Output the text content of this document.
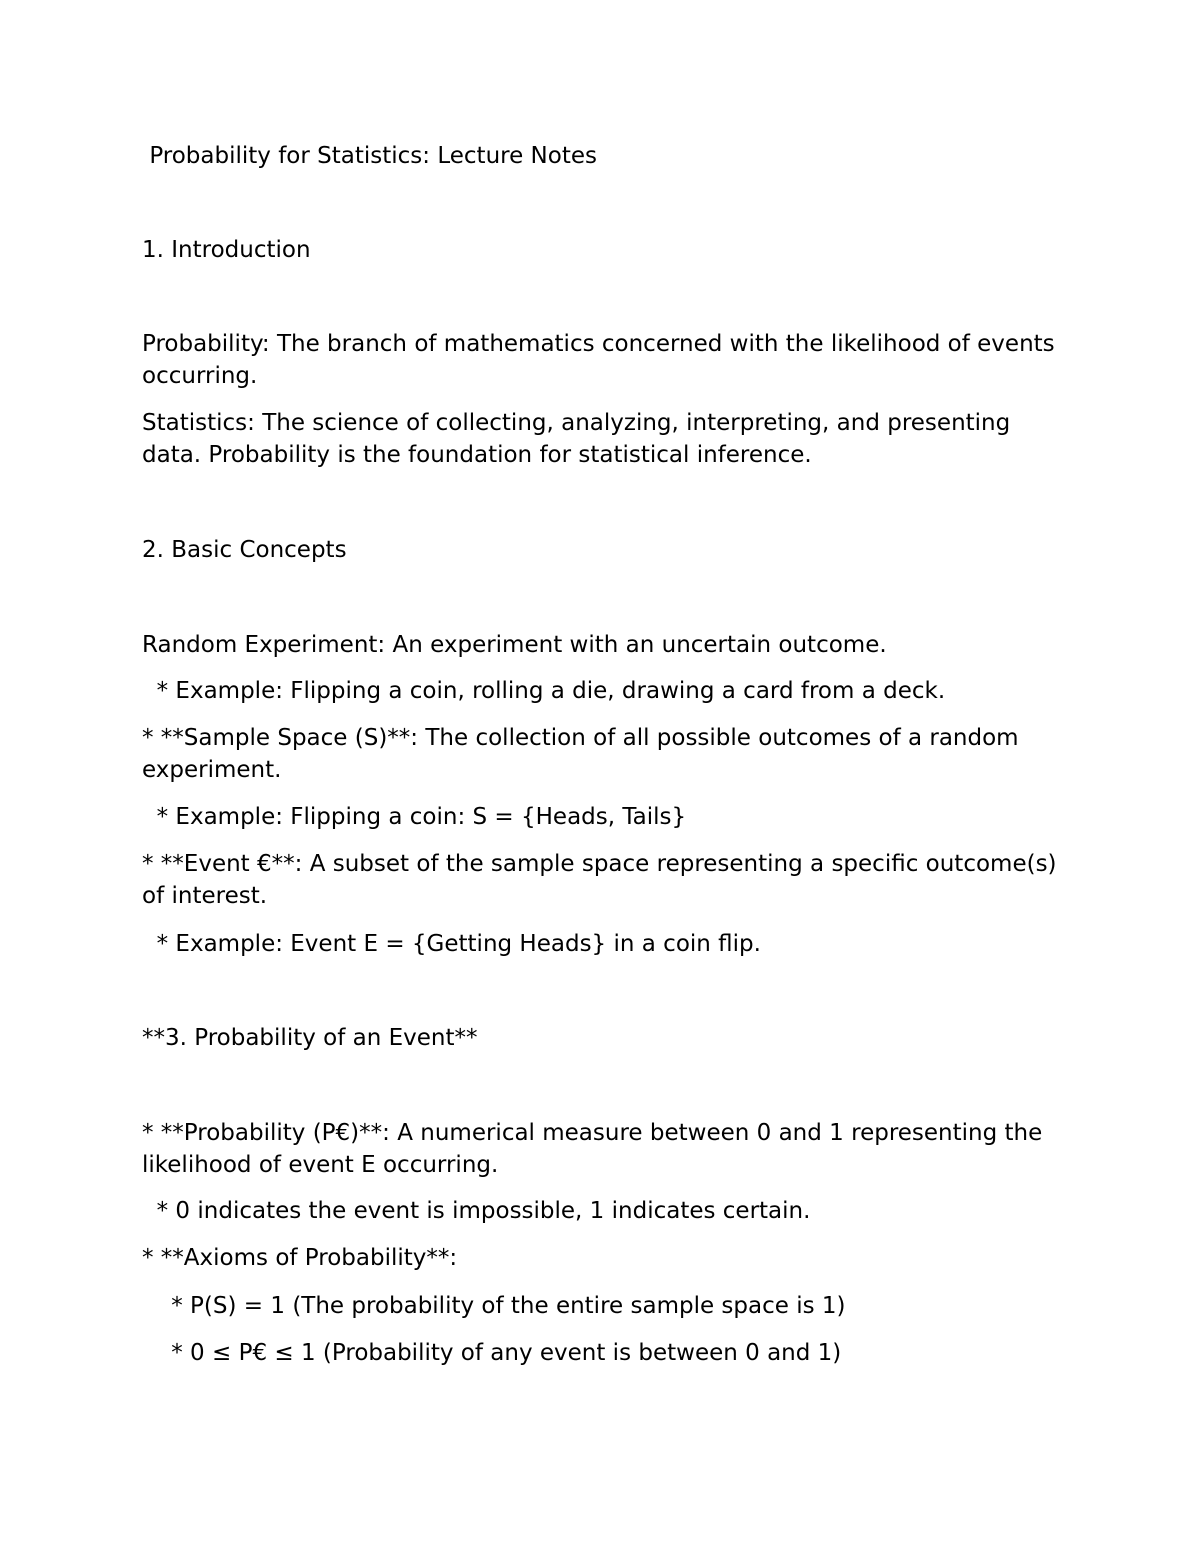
Probability for Statistics: Lecture Notes
1. Introduction
Probability: The branch of mathematics concerned with the likelihood of events occurring.
Statistics: The science of collecting, analyzing, interpreting, and presenting data. Probability is the foundation for statistical inference.
2. Basic Concepts
Random Experiment: An experiment with an uncertain outcome.
* Example: Flipping a coin, rolling a die, drawing a card from a deck.
* **Sample Space (S)**: The collection of all possible outcomes of a random experiment.
* Example: Flipping a coin: S = {Heads, Tails}
* **Event €**: A subset of the sample space representing a specific outcome(s) of interest.
* Example: Event E = {Getting Heads} in a coin flip.
**3. Probability of an Event**
* **Probability (P€)**: A numerical measure between 0 and 1 representing the likelihood of event E occurring.
* 0 indicates the event is impossible, 1 indicates certain.
* **Axioms of Probability**:
* P(S) = 1 (The probability of the entire sample space is 1)
* 0 ≤ P€ ≤ 1 (Probability of any event is between 0 and 1)
